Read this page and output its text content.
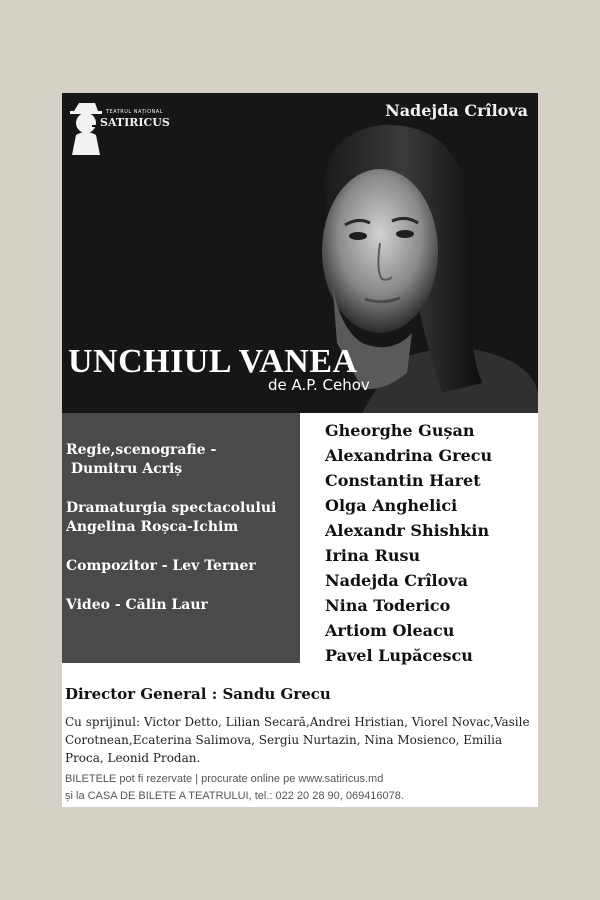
TEATRUL NAȚIONAL
SATIRICUS
Nadejda Crîlova
UNCHIUL VANEA
de A.P. Cehov
Regie,scenografie -
Dumitru Acriș
Dramaturgia spectacolului
Angelina Roșca-Ichim
Compozitor - Lev Terner
Video - Călin Laur
Gheorghe Gușan
Alexandrina Grecu
Constantin Haret
Olga Anghelici
Alexandr Shishkin
Irina Rusu
Nadejda Crîlova
Nina Toderico
Artiom Oleacu
Pavel Lupăcescu
Director General : Sandu Grecu
Cu sprijinul: Victor Detto, Lilian Secară,Andrei Hristian, Viorel Novac,Vasile Corotnean,Ecaterina Salimova, Sergiu Nurtazin, Nina Mosienco, Emilia Proca, Leonid Prodan.
BILETELE pot fi rezervate | procurate online pe www.satiricus.md
și la CASA DE BILETE A TEATRULUI, tel.: 022 20 28 90, 069416078.
